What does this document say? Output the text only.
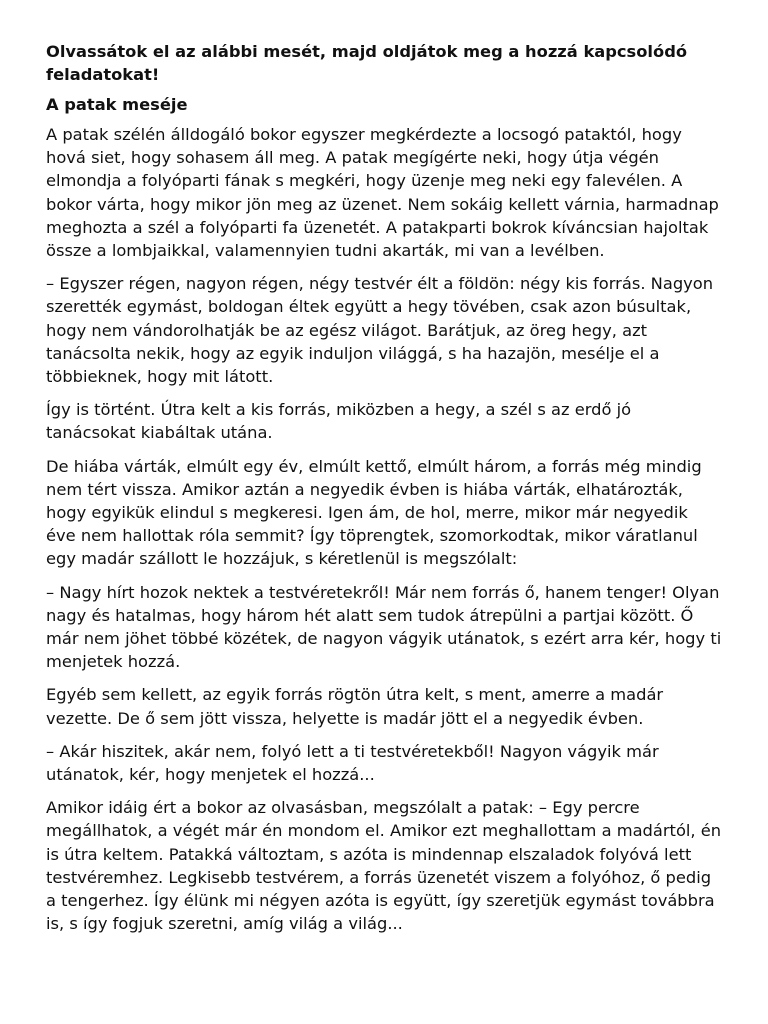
Olvassátok el az alábbi mesét, majd oldjátok meg a hozzá kapcsolódó feladatokat!

A patak meséje

A patak szélén álldogáló bokor egyszer megkérdezte a locsogó pataktól, hogy hová siet, hogy sohasem áll meg. A patak megígérte neki, hogy útja végén elmondja a folyóparti fának s megkéri, hogy üzenje meg neki egy falevélen. A bokor várta, hogy mikor jön meg az üzenet. Nem sokáig kellett várnia, harmadnap meghozta a szél a folyóparti fa üzenetét. A patakparti bokrok kíváncsian hajoltak össze a lombjaikkal, valamennyien tudni akarták, mi van a levélben.

– Egyszer régen, nagyon régen, négy testvér élt a földön: négy kis forrás. Nagyon szerették egymást, boldogan éltek együtt a hegy tövében, csak azon búsultak, hogy nem vándorolhatják be az egész világot. Barátjuk, az öreg hegy, azt tanácsolta nekik, hogy az egyik induljon világgá, s ha hazajön, mesélje el a többieknek, hogy mit látott.

Így is történt. Útra kelt a kis forrás, miközben a hegy, a szél s az erdő jó tanácsokat kiabáltak utána.

De hiába várták, elmúlt egy év, elmúlt kettő, elmúlt három, a forrás még mindig nem tért vissza. Amikor aztán a negyedik évben is hiába várták, elhatározták, hogy egyikük elindul s megkeresi. Igen ám, de hol, merre, mikor már negyedik éve nem hallottak róla semmit? Így töprengtek, szomorkodtak, mikor váratlanul egy madár szállott le hozzájuk, s kéretlenül is megszólalt:

– Nagy hírt hozok nektek a testvéretekről! Már nem forrás ő, hanem tenger! Olyan nagy és hatalmas, hogy három hét alatt sem tudok átrepülni a partjai között. Ő már nem jöhet többé közétek, de nagyon vágyik utánatok, s ezért arra kér, hogy ti menjetek hozzá.

Egyéb sem kellett, az egyik forrás rögtön útra kelt, s ment, amerre a madár vezette. De ő sem jött vissza, helyette is madár jött el a negyedik évben.

– Akár hiszitek, akár nem, folyó lett a ti testvéretekből! Nagyon vágyik már utánatok, kér, hogy menjetek el hozzá...

Amikor idáig ért a bokor az olvasásban, megszólalt a patak: – Egy percre megállhatok, a végét már én mondom el. Amikor ezt meghallottam a madártól, én is útra keltem. Patakká változtam, s azóta is mindennap elszaladok folyóvá lett testvéremhez. Legkisebb testvérem, a forrás üzenetét viszem a folyóhoz, ő pedig a tengerhez. Így élünk mi négyen azóta is együtt, így szeretjük egymást továbbra is, s így fogjuk szeretni, amíg világ a világ...
